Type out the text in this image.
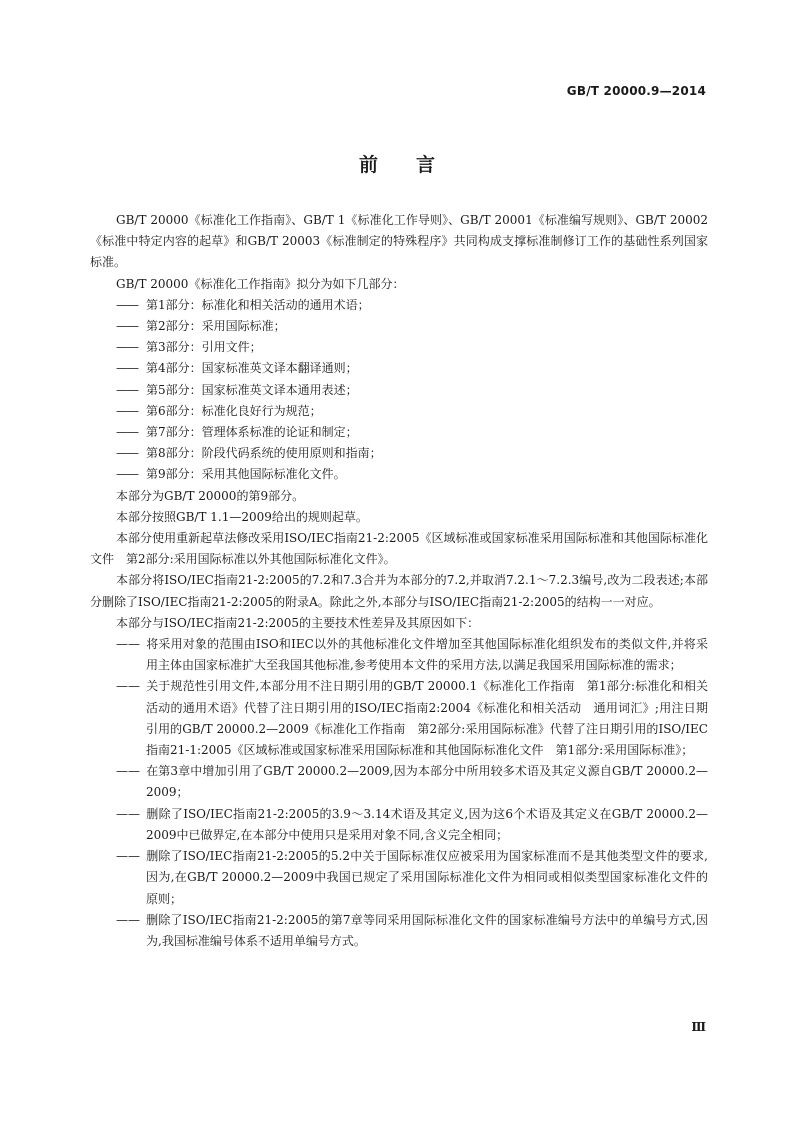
GB/T 20000.9—2014
前言

GB/T 20000《标准化工作指南》、GB/T 1《标准化工作导则》、GB/T 20001《标准编写规则》、GB/T 20002《标准中特定内容的起草》和GB/T 20003《标准制定的特殊程序》共同构成支撑标准制修订工作的基础性系列国家标准。

GB/T 20000《标准化工作指南》拟分为如下几部分：

—— 第1部分：标准化和相关活动的通用术语；

—— 第2部分：采用国际标准；

—— 第3部分：引用文件；

—— 第4部分：国家标准英文译本翻译通则；

—— 第5部分：国家标准英文译本通用表述；

—— 第6部分：标准化良好行为规范；

—— 第7部分：管理体系标准的论证和制定；

—— 第8部分：阶段代码系统的使用原则和指南；

—— 第9部分：采用其他国际标准化文件。

本部分为GB/T 20000的第9部分。

本部分按照GB/T 1.1—2009给出的规则起草。

本部分使用重新起草法修改采用ISO/IEC指南21-2:2005《区域标准或国家标准采用国际标准和其他国际标准化文件　第2部分:采用国际标准以外其他国际标准化文件》。

本部分将ISO/IEC指南21-2:2005的7.2和7.3合并为本部分的7.2,并取消7.2.1～7.2.3编号,改为二段表述;本部分删除了ISO/IEC指南21-2:2005的附录A。除此之外,本部分与ISO/IEC指南21-2:2005的结构一一对应。

本部分与ISO/IEC指南21-2:2005的主要技术性差异及其原因如下：

—— 将采用对象的范围由ISO和IEC以外的其他标准化文件增加至其他国际标准化组织发布的类似文件,并将采用主体由国家标准扩大至我国其他标准,参考使用本文件的采用方法,以满足我国采用国际标准的需求；

—— 关于规范性引用文件,本部分用不注日期引用的GB/T 20000.1《标准化工作指南　第1部分:标准化和相关活动的通用术语》代替了注日期引用的ISO/IEC指南2:2004《标准化和相关活动　通用词汇》;用注日期引用的GB/T 20000.2—2009《标准化工作指南　第2部分:采用国际标准》代替了注日期引用的ISO/IEC指南21-1:2005《区域标准或国家标准采用国际标准和其他国际标准化文件　第1部分:采用国际标准》；

—— 在第3章中增加引用了GB/T 20000.2—2009,因为本部分中所用较多术语及其定义源自GB/T 20000.2—2009；

—— 删除了ISO/IEC指南21-2:2005的3.9～3.14术语及其定义,因为这6个术语及其定义在GB/T 20000.2—2009中已做界定,在本部分中使用只是采用对象不同,含义完全相同；

—— 删除了ISO/IEC指南21-2:2005的5.2中关于国际标准仅应被采用为国家标准而不是其他类型文件的要求,因为,在GB/T 20000.2—2009中我国已规定了采用国际标准化文件为相同或相似类型国家标准化文件的原则；

—— 删除了ISO/IEC指南21-2:2005的第7章等同采用国际标准化文件的国家标准编号方法中的单编号方式,因为,我国标准编号体系不适用单编号方式。

Ⅲ
